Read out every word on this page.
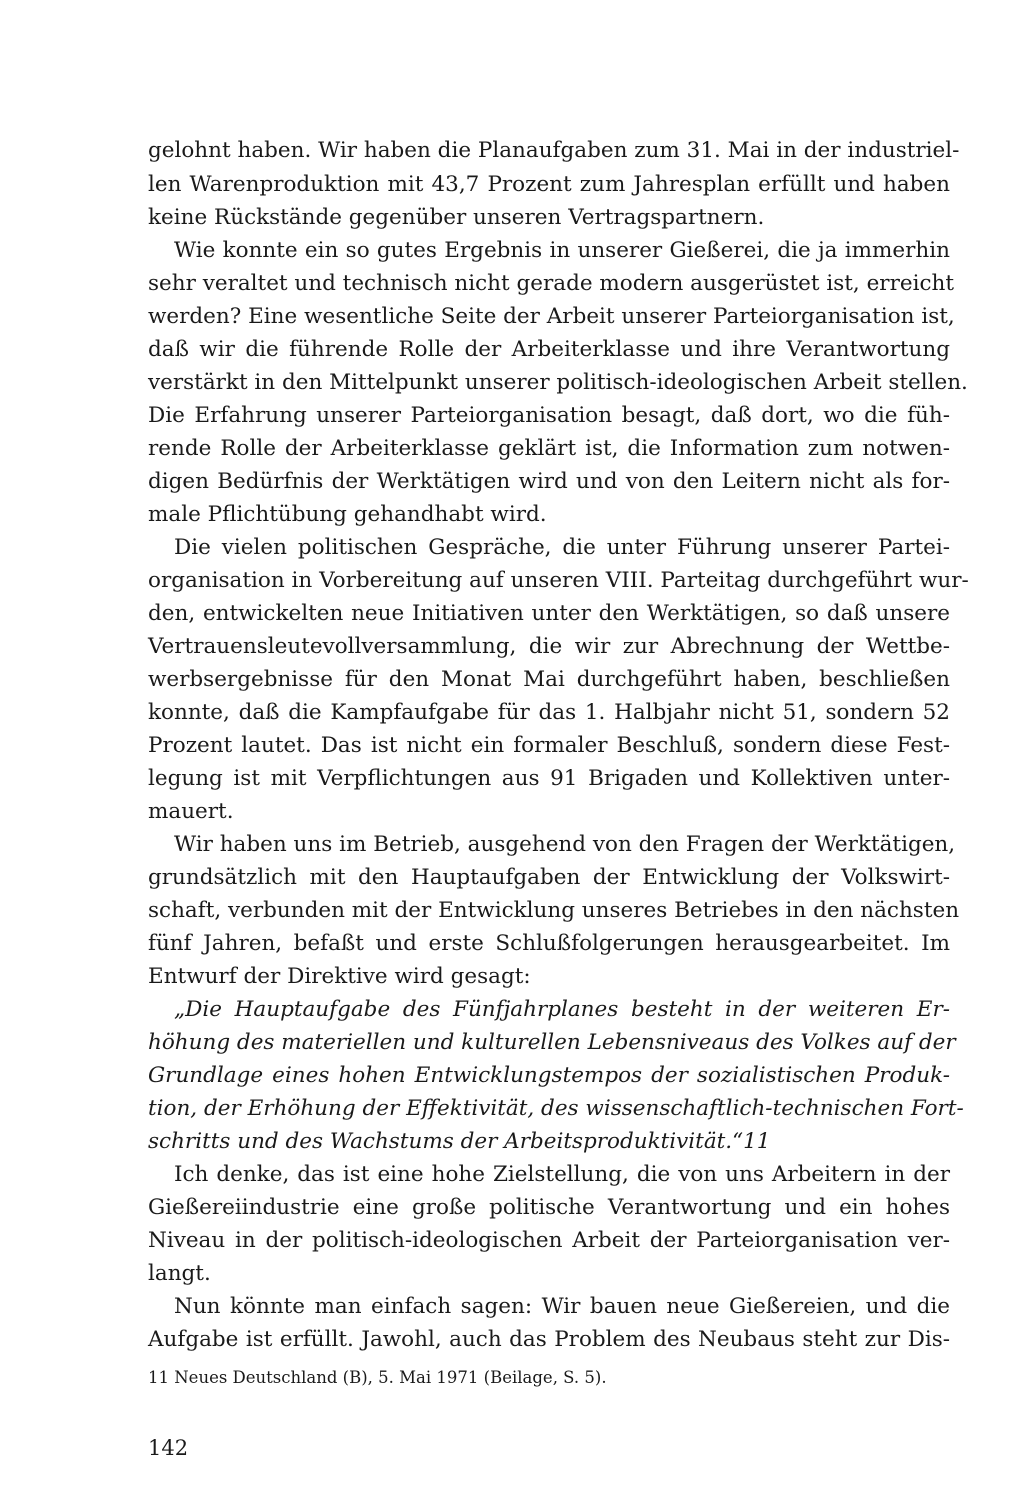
gelohnt haben. Wir haben die Planaufgaben zum 31. Mai in der industriel-
len Warenproduktion mit 43,7 Prozent zum Jahresplan erfüllt und haben
keine Rückstände gegenüber unseren Vertragspartnern.
Wie konnte ein so gutes Ergebnis in unserer Gießerei, die ja immerhin
sehr veraltet und technisch nicht gerade modern ausgerüstet ist, erreicht
werden? Eine wesentliche Seite der Arbeit unserer Parteiorganisation ist,
daß wir die führende Rolle der Arbeiterklasse und ihre Verantwortung
verstärkt in den Mittelpunkt unserer politisch-ideologischen Arbeit stellen.
Die Erfahrung unserer Parteiorganisation besagt, daß dort, wo die füh-
rende Rolle der Arbeiterklasse geklärt ist, die Information zum notwen-
digen Bedürfnis der Werktätigen wird und von den Leitern nicht als for-
male Pflichtübung gehandhabt wird.
Die vielen politischen Gespräche, die unter Führung unserer Partei-
organisation in Vorbereitung auf unseren VIII. Parteitag durchgeführt wur-
den, entwickelten neue Initiativen unter den Werktätigen, so daß unsere
Vertrauensleutevollversammlung, die wir zur Abrechnung der Wettbe-
werbsergebnisse für den Monat Mai durchgeführt haben, beschließen
konnte, daß die Kampfaufgabe für das 1. Halbjahr nicht 51, sondern 52
Prozent lautet. Das ist nicht ein formaler Beschluß, sondern diese Fest-
legung ist mit Verpflichtungen aus 91 Brigaden und Kollektiven unter-
mauert.
Wir haben uns im Betrieb, ausgehend von den Fragen der Werktätigen,
grundsätzlich mit den Hauptaufgaben der Entwicklung der Volkswirt-
schaft, verbunden mit der Entwicklung unseres Betriebes in den nächsten
fünf Jahren, befaßt und erste Schlußfolgerungen herausgearbeitet. Im
Entwurf der Direktive wird gesagt:
„Die Hauptaufgabe des Fünfjahrplanes besteht in der weiteren Er-
höhung des materiellen und kulturellen Lebensniveaus des Volkes auf der
Grundlage eines hohen Entwicklungstempos der sozialistischen Produk-
tion, der Erhöhung der Effektivität, des wissenschaftlich-technischen Fort-
schritts und des Wachstums der Arbeitsproduktivität.“11
Ich denke, das ist eine hohe Zielstellung, die von uns Arbeitern in der
Gießereiindustrie eine große politische Verantwortung und ein hohes
Niveau in der politisch-ideologischen Arbeit der Parteiorganisation ver-
langt.
Nun könnte man einfach sagen: Wir bauen neue Gießereien, und die
Aufgabe ist erfüllt. Jawohl, auch das Problem des Neubaus steht zur Dis-
11 Neues Deutschland (B), 5. Mai 1971 (Beilage, S. 5).
142
